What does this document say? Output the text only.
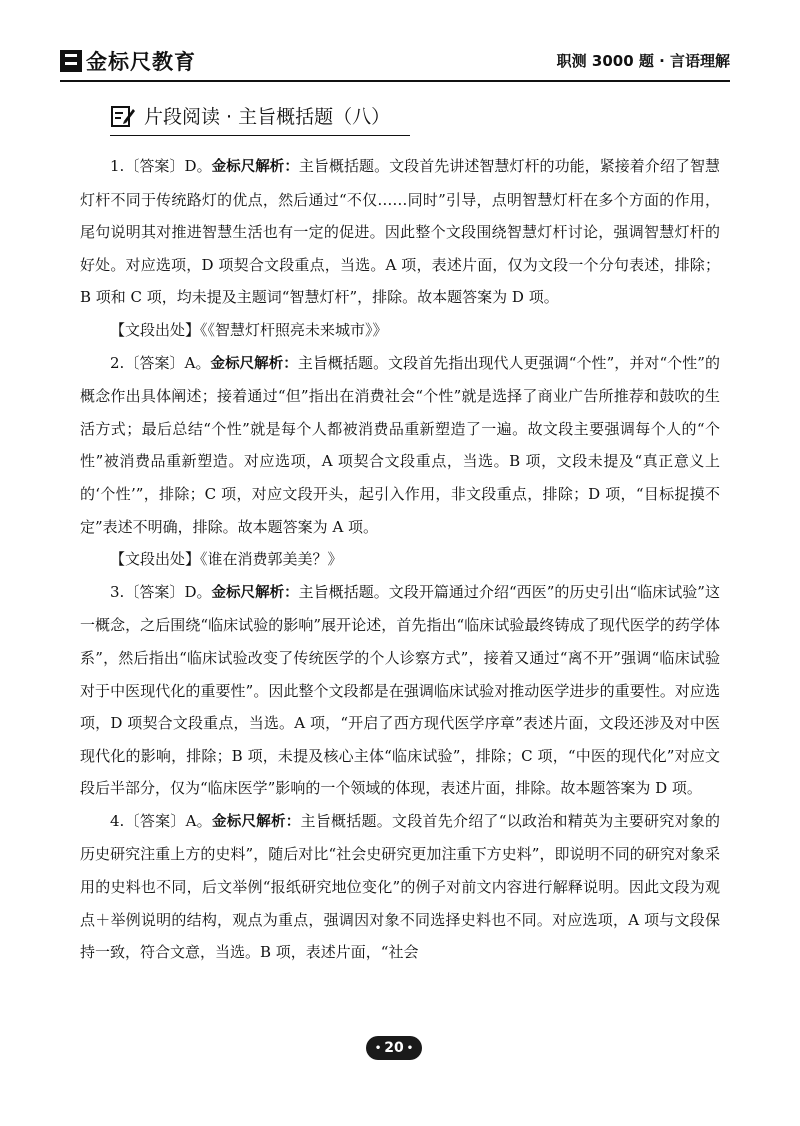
金标尺教育	职测 3000 题 · 言语理解
片段阅读 · 主旨概括题（八）

1.〔答案〕D。金标尺解析：主旨概括题。文段首先讲述智慧灯杆的功能，紧接着介绍了智慧灯杆不同于传统路灯的优点，然后通过“不仅……同时”引导，点明智慧灯杆在多个方面的作用，尾句说明其对推进智慧生活也有一定的促进。因此整个文段围绕智慧灯杆讨论，强调智慧灯杆的好处。对应选项，D 项契合文段重点，当选。A 项，表述片面，仅为文段一个分句表述，排除；B 项和 C 项，均未提及主题词“智慧灯杆”，排除。故本题答案为 D 项。

【文段出处】《《智慧灯杆照亮未来城市》》

2.〔答案〕A。金标尺解析：主旨概括题。文段首先指出现代人更强调“个性”，并对“个性”的概念作出具体阐述；接着通过“但”指出在消费社会“个性”就是选择了商业广告所推荐和鼓吹的生活方式；最后总结“个性”就是每个人都被消费品重新塑造了一遍。故文段主要强调每个人的“个性”被消费品重新塑造。对应选项，A 项契合文段重点，当选。B 项，文段未提及“真正意义上的‘个性’”，排除；C 项，对应文段开头，起引入作用，非文段重点，排除；D 项，“目标捉摸不定”表述不明确，排除。故本题答案为 A 项。

【文段出处】《谁在消费郭美美？》

3.〔答案〕D。金标尺解析：主旨概括题。文段开篇通过介绍“西医”的历史引出“临床试验”这一概念，之后围绕“临床试验的影响”展开论述，首先指出“临床试验最终铸成了现代医学的药学体系”，然后指出“临床试验改变了传统医学的个人诊察方式”，接着又通过“离不开”强调“临床试验对于中医现代化的重要性”。因此整个文段都是在强调临床试验对推动医学进步的重要性。对应选项，D 项契合文段重点，当选。A 项，“开启了西方现代医学序章”表述片面，文段还涉及对中医现代化的影响，排除；B 项，未提及核心主体“临床试验”，排除；C 项，“中医的现代化”对应文段后半部分，仅为“临床医学”影响的一个领域的体现，表述片面，排除。故本题答案为 D 项。

4.〔答案〕A。金标尺解析：主旨概括题。文段首先介绍了“以政治和精英为主要研究对象的历史研究注重上方的史料”，随后对比“社会史研究更加注重下方史料”，即说明不同的研究对象采用的史料也不同，后文举例“报纸研究地位变化”的例子对前文内容进行解释说明。因此文段为观点＋举例说明的结构，观点为重点，强调因对象不同选择史料也不同。对应选项，A 项与文段保持一致，符合文意，当选。B 项，表述片面，“社会

• 20 •
